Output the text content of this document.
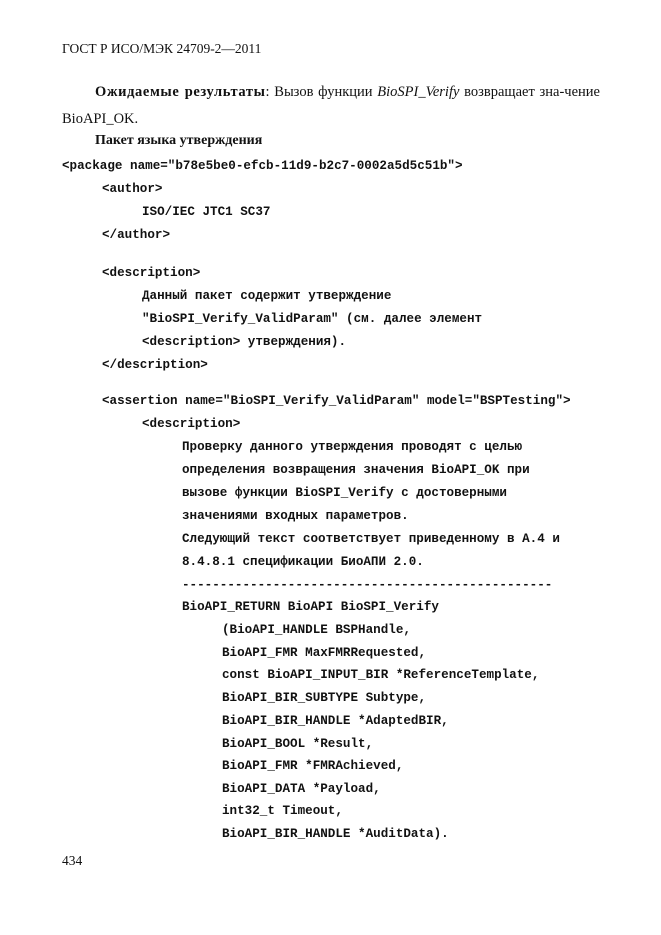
ГОСТ Р ИСО/МЭК 24709-2—2011
Ожидаемые результаты: Вызов функции BioSPI_Verify возвращает зна-чение BioAPI_OK.
Пакет языка утверждения
<package name="b78e5be0-efcb-11d9-b2c7-0002a5d5c51b">
<author>
ISO/IEC JTC1 SC37
</author>
<description>
Данный пакет содержит утверждение
"BioSPI_Verify_ValidParam" (см. далее элемент
<description> утверждения).
</description>
<assertion name="BioSPI_Verify_ValidParam" model="BSPTesting">
<description>
Проверку данного утверждения проводят с целью
определения возвращения значения BioAPI_OK при
вызове функции BioSPI_Verify с достоверными
значениями входных параметров.
Следующий текст соответствует приведенному в А.4 и
8.4.8.1 спецификации БиоАПИ 2.0.
-------------------------------------------------
BioAPI_RETURN BioAPI BioSPI_Verify
(BioAPI_HANDLE BSPHandle,
BioAPI_FMR MaxFMRRequested,
const BioAPI_INPUT_BIR *ReferenceTemplate,
BioAPI_BIR_SUBTYPE Subtype,
BioAPI_BIR_HANDLE *AdaptedBIR,
BioAPI_BOOL *Result,
BioAPI_FMR *FMRAchieved,
BioAPI_DATA *Payload,
int32_t Timeout,
BioAPI_BIR_HANDLE *AuditData).
434
